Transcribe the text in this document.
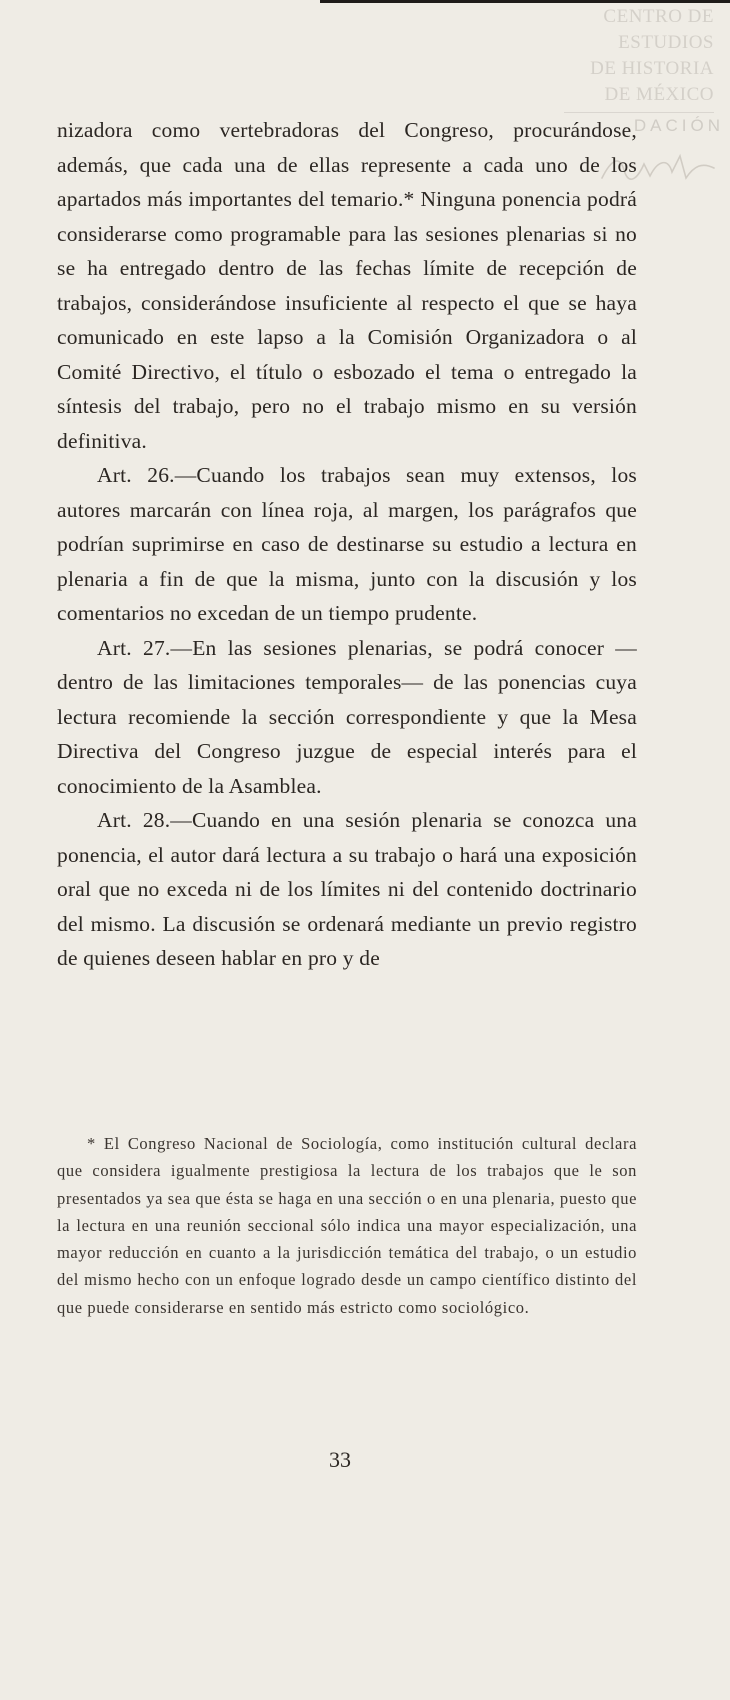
CENTRO DE
ESTUDIOS
DE HISTORIA
DE MÉXICO
DACIÓN

nizadora como vertebradoras del Congreso, procurándose, además, que cada una de ellas represente a cada uno de los apartados más importantes del temario.* Ninguna ponencia podrá considerarse como programable para las sesiones plenarias si no se ha entregado dentro de las fechas límite de recepción de trabajos, considerándose insuficiente al respecto el que se haya comunicado en este lapso a la Comisión Organizadora o al Comité Directivo, el título o esbozado el tema o entregado la síntesis del trabajo, pero no el trabajo mismo en su versión definitiva.

Art. 26.—Cuando los trabajos sean muy extensos, los autores marcarán con línea roja, al margen, los parágrafos que podrían suprimirse en caso de destinarse su estudio a lectura en plenaria a fin de que la misma, junto con la discusión y los comentarios no excedan de un tiempo prudente.

Art. 27.—En las sesiones plenarias, se podrá conocer —dentro de las limitaciones temporales— de las ponencias cuya lectura recomiende la sección correspondiente y que la Mesa Directiva del Congreso juzgue de especial interés para el conocimiento de la Asamblea.

Art. 28.—Cuando en una sesión plenaria se conozca una ponencia, el autor dará lectura a su trabajo o hará una exposición oral que no exceda ni de los límites ni del contenido doctrinario del mismo. La discusión se ordenará mediante un previo registro de quienes deseen hablar en pro y de

* El Congreso Nacional de Sociología, como institución cultural declara que considera igualmente prestigiosa la lectura de los trabajos que le son presentados ya sea que ésta se haga en una sección o en una plenaria, puesto que la lectura en una reunión seccional sólo indica una mayor especialización, una mayor reducción en cuanto a la jurisdicción temática del trabajo, o un estudio del mismo hecho con un enfoque logrado desde un campo científico distinto del que puede considerarse en sentido más estricto como sociológico.

33
